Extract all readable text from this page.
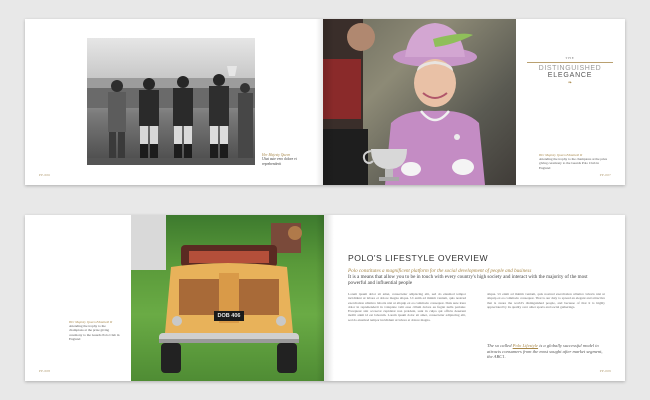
Her Majesty Queen
Ubat aute vero dolore et reprehenderit
PP-006
THE
DISTINGUISHED
ELEGANCE
❧
Her Majesty Queen Elizabeth II
Attending the trophy to the champions at the prize giving ceremony to the Guards Polo Club in England
PP-007
Her Majesty Queen Elizabeth II
Attending the trophy to the champions at the prize giving ceremony to the Guards Polo Club in England
PP-008
DOB 406
POLO'S LIFESTYLE OVERVIEW
Polo constitutes a magnificent platform for the social development of people and business
It is a means that allow you to be in touch with every country's high society and interact with the majority of the most powerful and influential people
Lorem ipsum dolor sit amet, consectetur adipiscing elit, sed do eiusmod tempor incididunt ut labore et dolore magna aliqua. Ut enim ad minim veniam, quis nostrud exercitation ullamco laboris nisi ut aliquip ex ea commodo consequat. Duis aute irure dolor in reprehenderit in voluptate velit esse cillum dolore eu fugiat nulla pariatur. Excepteur sint occaecat cupidatat non proident, sunt in culpa qui officia deserunt mollit anim id est laborum. Lorem ipsum dolor sit amet, consectetur adipiscing elit, sed do eiusmod tempor incididunt ut labore et dolore magna.
aliqua. Ut enim ad minim veniam, quis nostrud exercitation ullamco laboris nisi ut aliquip ex ea commodo consequat. That is our duty to spread an elegant and attractive that is aware the world's distinguished people, and because of that it is highly appreciated by its quality over other sports and social gatherings.
The so called Polo Lifestyle is a globally successful model to attracts consumers from the most sought after market segment, the ABC1.
PP-009
